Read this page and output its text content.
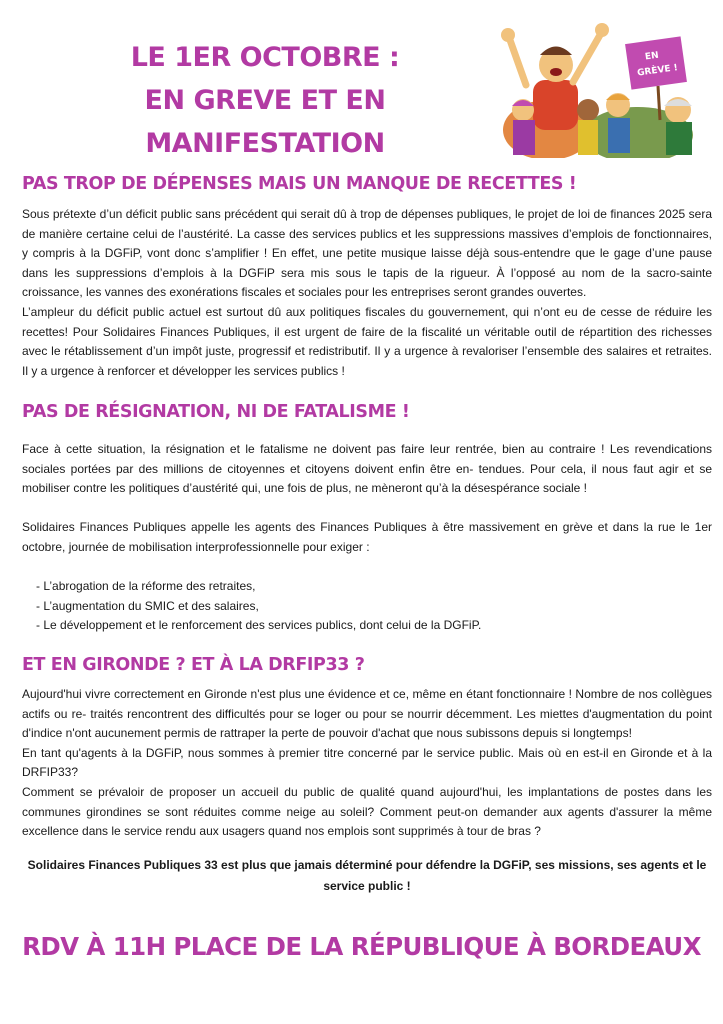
LE 1ER OCTOBRE :
EN GREVE ET EN MANIFESTATION
EN
GRÈVE !
PAS TROP DE DÉPENSES MAIS UN MANQUE DE RECETTES !

Sous prétexte d’un déficit public sans précédent qui serait dû à trop de dépenses publiques, le projet de loi de finances 2025 sera de manière certaine celui de l’austérité. La casse des services publics et les suppressions massives d’emplois de fonctionnaires, y compris à la DGFiP, vont donc s’amplifier ! En effet, une petite musique laisse déjà sous-entendre que le gage d’une pause dans les suppressions d’emplois à la DGFiP sera mis sous le tapis de la rigueur. À l’opposé au nom de la sacro-sainte croissance, les vannes des exonérations fiscales et sociales pour les entreprises seront grandes ouvertes.

L’ampleur du déficit public actuel est surtout dû aux politiques fiscales du gouvernement, qui n’ont eu de cesse de réduire les recettes! Pour Solidaires Finances Publiques, il est urgent de faire de la fiscalité un véritable outil de répartition des richesses avec le rétablissement d’un impôt juste, progressif et redistributif. Il y a urgence à revaloriser l’ensemble des salaires et retraites. Il y a urgence à renforcer et développer les services publics !

PAS DE RÉSIGNATION, NI DE FATALISME !

Face à cette situation, la résignation et le fatalisme ne doivent pas faire leur rentrée, bien au contraire ! Les revendications sociales portées par des millions de citoyennes et citoyens doivent enfin être en- tendues. Pour cela, il nous faut agir et se mobiliser contre les politiques d’austérité qui, une fois de plus, ne mèneront qu’à la désespérance sociale !

Solidaires Finances Publiques appelle les agents des Finances Publiques à être massivement en grève et dans la rue le 1er octobre, journée de mobilisation interprofessionnelle pour exiger :

- L’abrogation de la réforme des retraites,
- L’augmentation du SMIC et des salaires,
- Le développement et le renforcement des services publics, dont celui de la DGFiP.
ET EN GIRONDE ? ET À LA DRFIP33 ?

Aujourd'hui vivre correctement en Gironde n'est plus une évidence et ce, même en étant fonctionnaire ! Nombre de nos collègues actifs ou re- traités rencontrent des difficultés pour se loger ou pour se nourrir décemment. Les miettes d'augmentation du point d'indice n'ont aucunement permis de rattraper la perte de pouvoir d'achat que nous subissons depuis si longtemps!

En tant qu'agents à la DGFiP, nous sommes à premier titre concerné par le service public. Mais où en est-il en Gironde et à la DRFIP33?

Comment se prévaloir de proposer un accueil du public de qualité quand aujourd'hui, les implantations de postes dans les communes girondines se sont réduites comme neige au soleil? Comment peut-on demander aux agents d'assurer la même excellence dans le service rendu aux usagers quand nos emplois sont supprimés à tour de bras ?

Solidaires Finances Publiques 33 est plus que jamais déterminé pour défendre la DGFiP, ses missions, ses agents et le service public !
RDV À 11H PLACE DE LA RÉPUBLIQUE À BORDEAUX
